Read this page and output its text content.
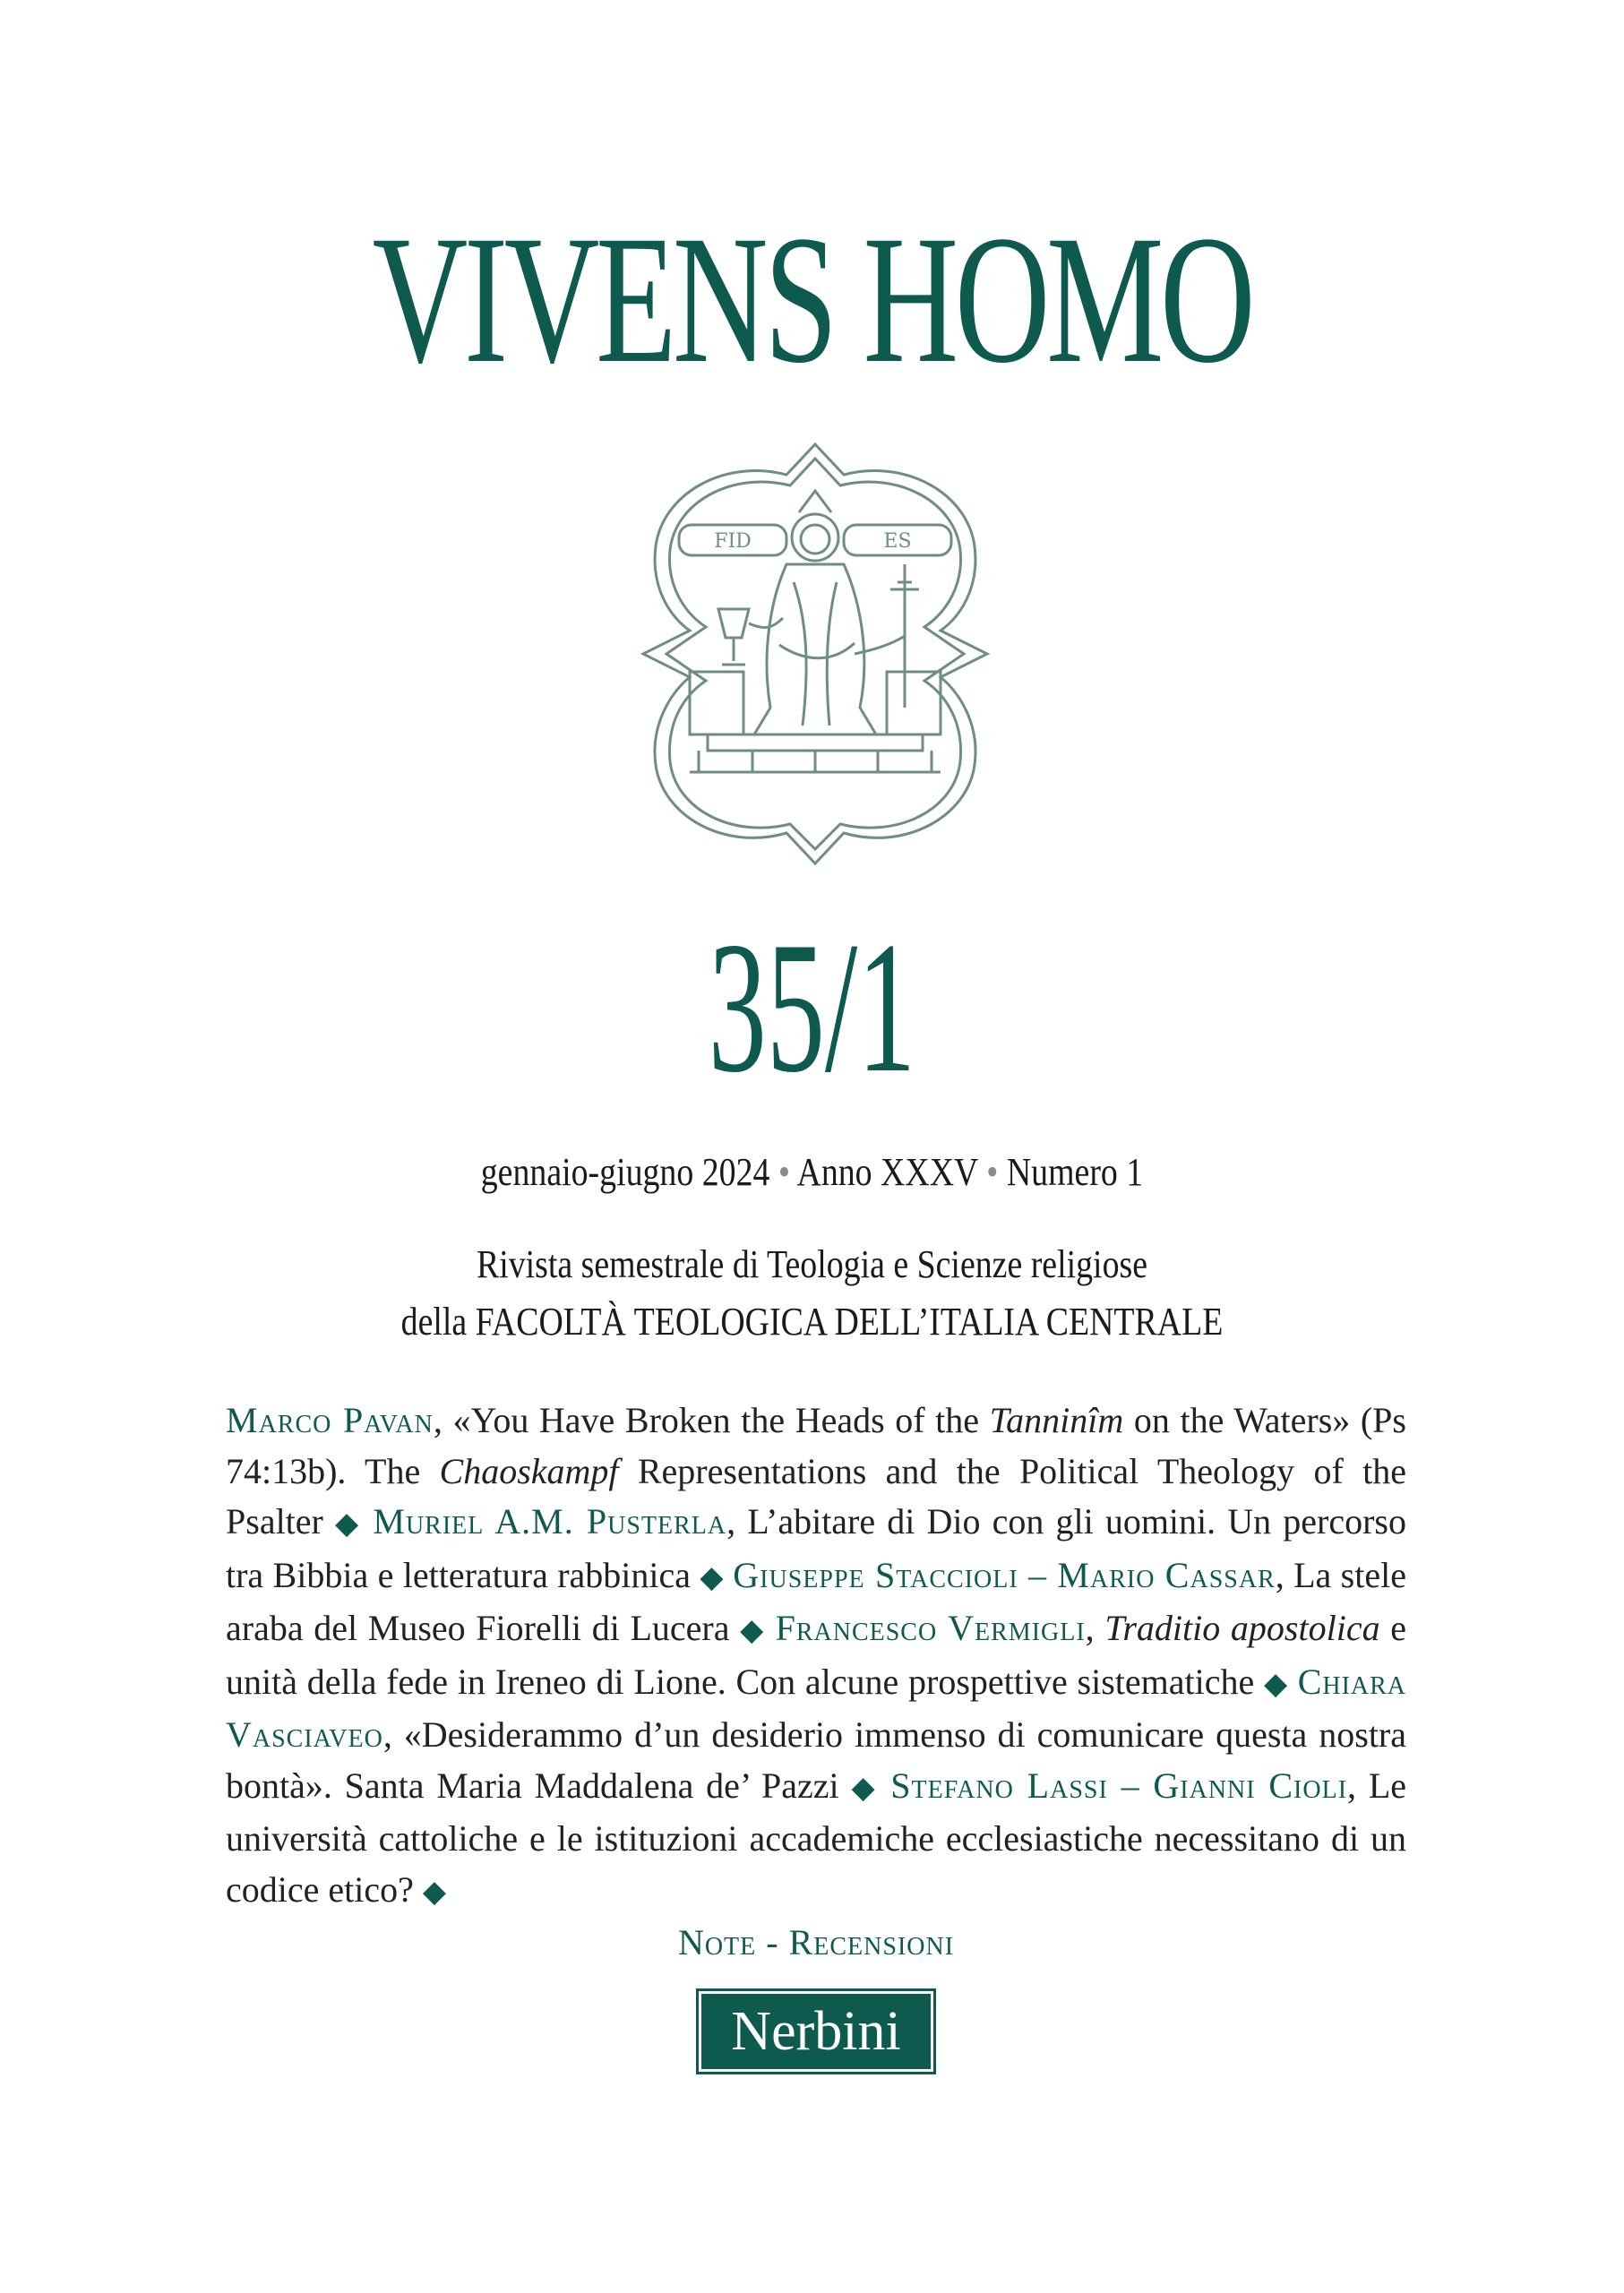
VIVENS HOMO
FID	ES
35/1
gennaio-giugno 2024 • Anno XXXV • Numero 1
Rivista semestrale di Teologia e Scienze religiose
della FACOLTÀ TEOLOGICA DELL’ITALIA CENTRALE
Marco Pavan, «You Have Broken the Heads of the Tanninîm on the Waters» (Ps 74:13b). The Chaoskampf Representations and the Political Theology of the Psalter ◆ Muriel A.M. Pusterla, L’abitare di Dio con gli uomini. Un percorso tra Bibbia e letteratura rabbinica ◆ Giuseppe Staccioli – Mario Cassar, La stele araba del Museo Fiorelli di Lucera ◆ Francesco Vermigli, Traditio apostolica e unità della fede in Ireneo di Lione. Con alcune prospettive sistematiche ◆ Chiara Vasciaveo, «Desiderammo d’un desiderio immenso di comunicare questa nostra bontà». Santa Maria Maddalena de’ Pazzi ◆ Stefano Lassi – Gianni Cioli, Le università cattoliche e le istituzioni accademiche ecclesiastiche necessitano di un codice etico? ◆
Note - Recensioni
Nerbini
